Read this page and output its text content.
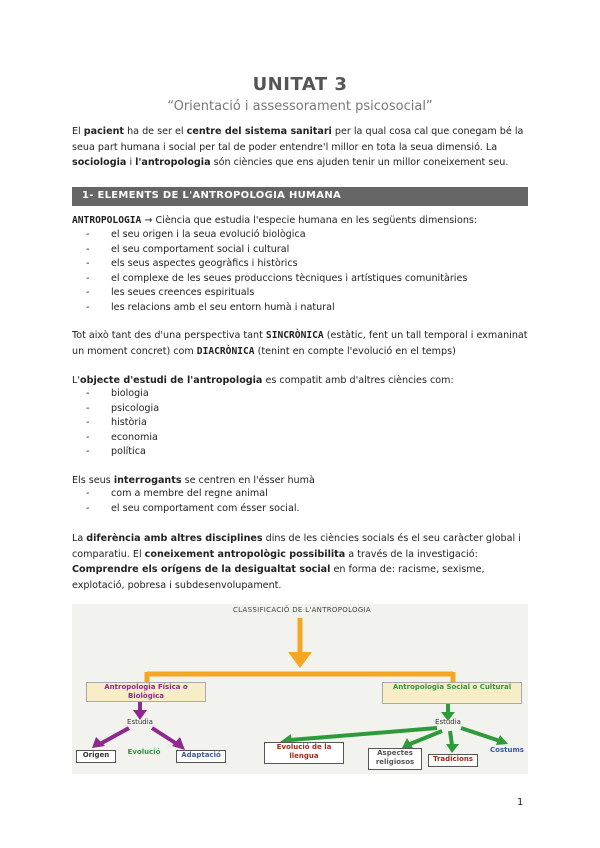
UNITAT 3
“Orientació i assessorament psicosocial”
El pacient ha de ser el centre del sistema sanitari per la qual cosa cal que conegam bé la seua part humana i social per tal de poder entendre'l millor en tota la seua dimensió. La sociologia i l'antropologia són ciències que ens ajuden tenir un millor coneixement seu.
1- ELEMENTS DE L'ANTROPOLOGIA HUMANA
ANTROPOLOGIA → Ciència que estudia l'especie humana en les següents dimensions:
- el seu origen i la seua evolució biològica
- el seu comportament social i cultural
- els seus aspectes geogràfics i històrics
- el complexe de les seues produccions tècniques i artístiques comunitàries
- les seues creences espirituals
- les relacions amb el seu entorn humà i natural
Tot això tant des d'una perspectiva tant SINCRÒNICA (estàtic, fent un tall temporal i exmaninat un moment concret) com DIACRÒNICA (tenint en compte l'evolució en el temps)
L'objecte d'estudi de l'antropologia es compatit amb d'altres ciències com:
- biologia
- psicologia
- història
- economia
- política
Els seus interrogants se centren en l'ésser humà
- com a membre del regne animal
- el seu comportament com ésser social.
La diferència amb altres disciplines dins de les ciències socials és el seu caràcter global i comparatiu. El coneixement antropològic possibilita a través de la investigació: Comprendre els orígens de la desigualtat social en forma de: racisme, sexisme, explotació, pobresa i subdesenvolupament.
CLASSIFICACIÓ DE L'ANTROPOLOGIA
Antropologia Física o Biològica
Antropologia Social o Cultural
Estudia	Estudia
Origen	Evolució	Adaptació
Evolució de la llengua	Aspectes religiosos	Tradicions
Costums
1
